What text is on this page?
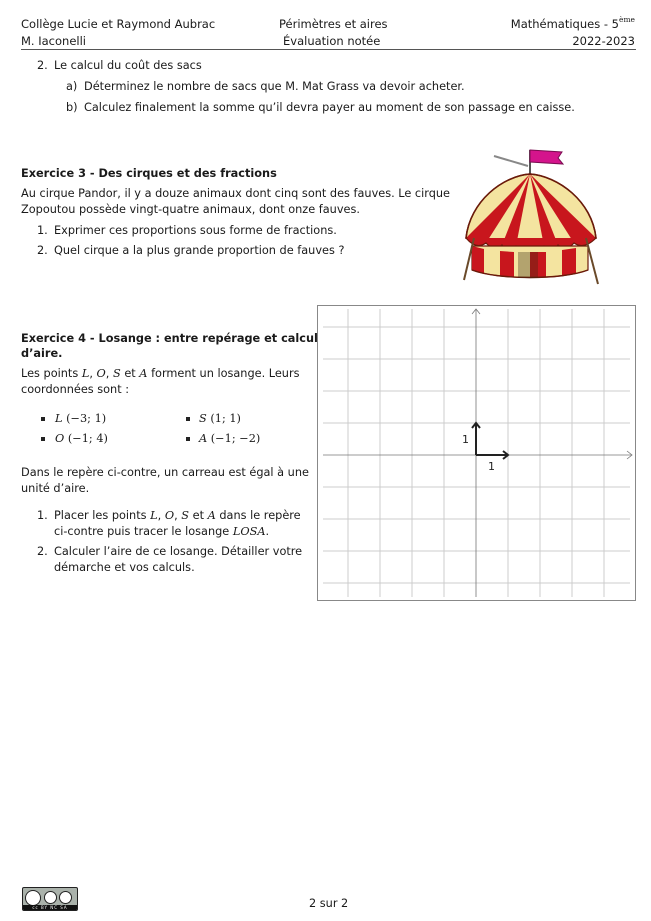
Collège Lucie et Raymond Aubrac
M. Iaconelli
Périmètres et aires
Évaluation notée
Mathématiques - 5ème
2022-2023
2. Le calcul du coût des sacs
a) Déterminez le nombre de sacs que M. Mat Grass va devoir acheter.
b) Calculez finalement la somme qu’il devra payer au moment de son passage en caisse.
Exercice 3 - Des cirques et des fractions
Au cirque Pandor, il y a douze animaux dont cinq sont des fauves. Le cirque
Zopoutou possède vingt-quatre animaux, dont onze fauves.
1. Exprimer ces proportions sous forme de fractions.
2. Quel cirque a la plus grande proportion de fauves ?
Exercice 4 - Losange : entre repérage et calcul
d’aire.
Les points L, O, S et A forment un losange. Leurs
coordonnées sont :
L (−3; 1)
O (−1; 4)
S (1; 1)
A (−1; −2)
Dans le repère ci-contre, un carreau est égal à une
unité d’aire.
1. Placer les points L, O, S et A dans le repère
ci-contre puis tracer le losange LOSA.
2. Calculer l’aire de ce losange. Détailler votre
démarche et vos calculs.
1
1
cc BY NC SA	2 sur 2
